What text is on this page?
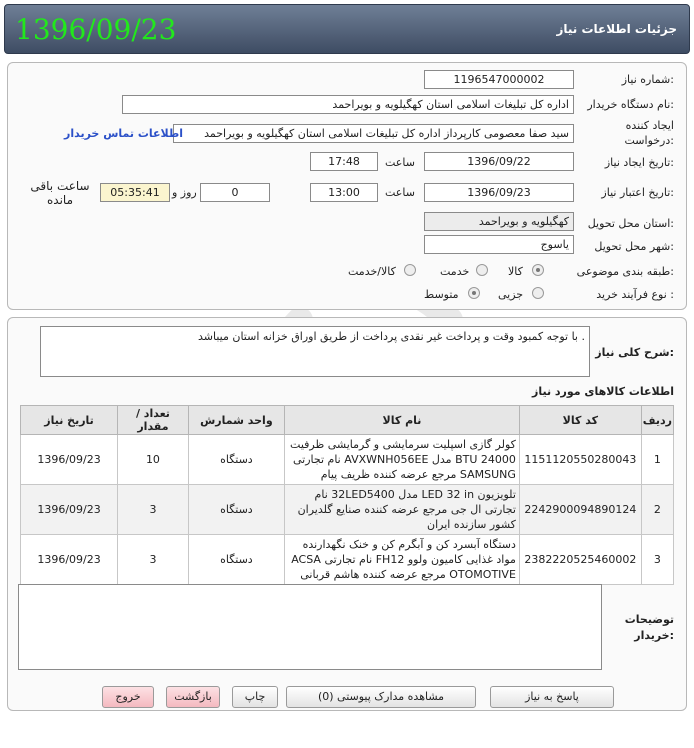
جزئیات اطلاعات نیاز
1396/09/23
شماره نیاز:
1196547000002
نام دستگاه خریدار:
اداره کل تبلیغات اسلامی استان کهگیلویه و بویراحمد
ایجاد کننده درخواست:
سید صفا معصومی کارپرداز اداره کل تبلیغات اسلامی استان کهگیلویه و بویراحمد
اطلاعات تماس خریدار
تاریخ ایجاد نیاز:
1396/09/22
ساعت
17:48
تاریخ اعتبار نیاز:
1396/09/23
ساعت
13:00
0
روز و
05:35:41
ساعت باقی مانده
استان محل تحویل:
کهگیلویه و بویراحمد
شهر محل تحویل:
یاسوج
طبقه بندی موضوعی:
کالا
خدمت
کالا/خدمت
نوع فرآیند خرید :
جزیی
متوسط
شرح کلی نیاز:
با توجه کمبود وقت و پرداخت غیر نقدی پرداخت از طریق اوراق خزانه استان میباشد .
اطلاعات کالاهای مورد نیاز
ردیف	کد کالا	نام کالا	واحد شمارش	تعداد / مقدار	تاریخ نیاز
1	1151120550280043	کولر گازی اسپلیت سرمایشی و گرمایشی ظرفیت 24000 BTU مدل AVXWNH056EE نام تجارتی SAMSUNG مرجع عرضه کننده ظریف پیام	دستگاه	10	1396/09/23
2	2242900094890124	تلویزیون LED 32 in مدل 32LED5400 نام تجارتی ال جی مرجع عرضه کننده صنایع گلدیران کشور سازنده ایران	دستگاه	3	1396/09/23
3	2382220525460002	دستگاه آبسرد کن و آبگرم کن و خنک نگهدارنده مواد غذایی کامیون ولوو FH12 نام تجارتی ACSA OTOMOTIVE مرجع عرضه کننده هاشم قربانی	دستگاه	3	1396/09/23
توضیحات خریدار:
پاسخ به نیاز
مشاهده مدارک پیوستی (0)
چاپ
بازگشت
خروج
